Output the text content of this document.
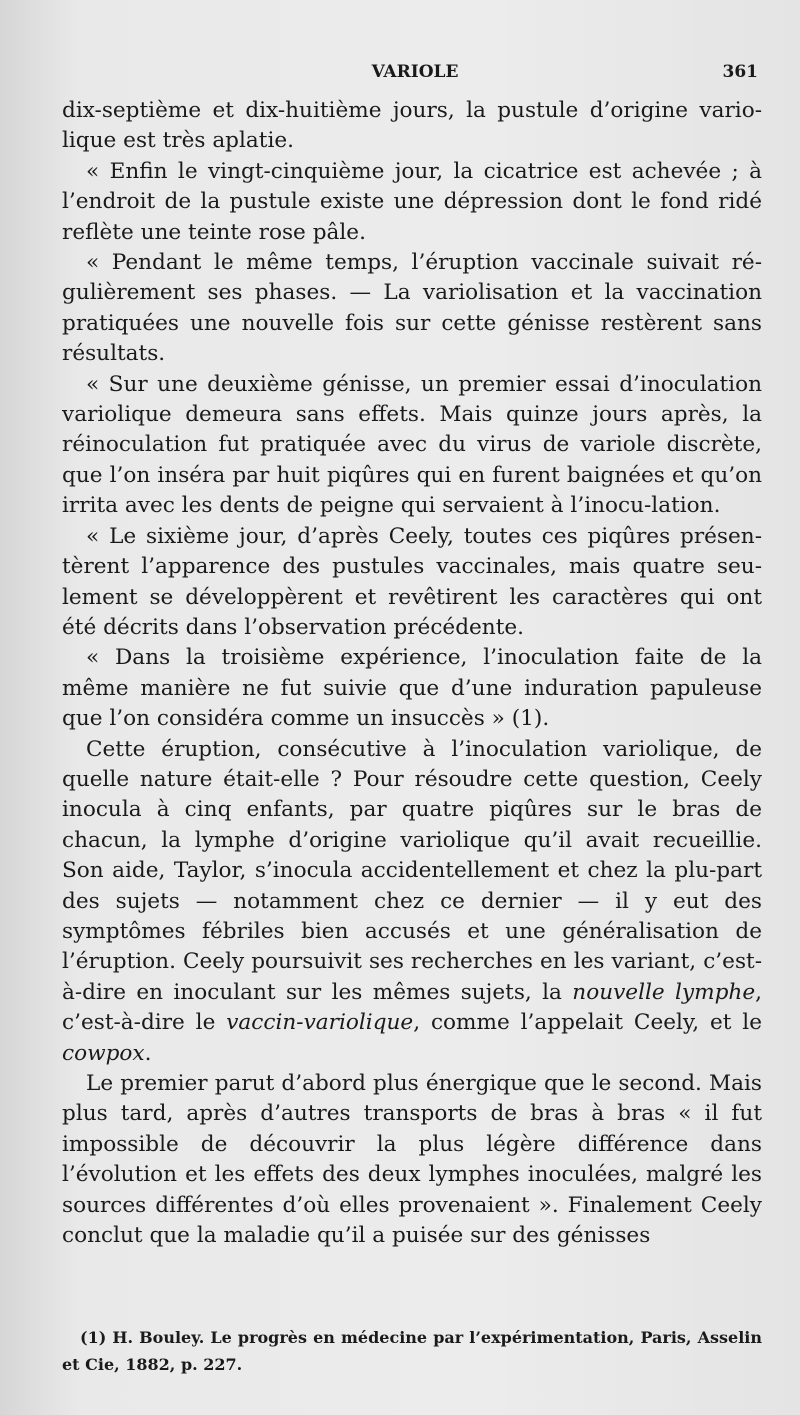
VARIOLE	361

dix-septième et dix-huitième jours, la pustule d’origine vario-lique est très aplatie.

« Enfin le vingt-cinquième jour, la cicatrice est achevée ; à l’endroit de la pustule existe une dépression dont le fond ridé reflète une teinte rose pâle.

« Pendant le même temps, l’éruption vaccinale suivait ré-gulièrement ses phases. — La variolisation et la vaccination pratiquées une nouvelle fois sur cette génisse restèrent sans résultats.

« Sur une deuxième génisse, un premier essai d’inoculation variolique demeura sans effets. Mais quinze jours après, la réinoculation fut pratiquée avec du virus de variole discrète, que l’on inséra par huit piqûres qui en furent baignées et qu’on irrita avec les dents de peigne qui servaient à l’inocu-lation.

« Le sixième jour, d’après Ceely, toutes ces piqûres présen-tèrent l’apparence des pustules vaccinales, mais quatre seu-lement se développèrent et revêtirent les caractères qui ont été décrits dans l’observation précédente.

« Dans la troisième expérience, l’inoculation faite de la même manière ne fut suivie que d’une induration papuleuse que l’on considéra comme un insuccès » (1).

Cette éruption, consécutive à l’inoculation variolique, de quelle nature était-elle ? Pour résoudre cette question, Ceely inocula à cinq enfants, par quatre piqûres sur le bras de chacun, la lymphe d’origine variolique qu’il avait recueillie. Son aide, Taylor, s’inocula accidentellement et chez la plu-part des sujets — notamment chez ce dernier — il y eut des symptômes fébriles bien accusés et une généralisation de l’éruption. Ceely poursuivit ses recherches en les variant, c’est-à-dire en inoculant sur les mêmes sujets, la nouvelle lymphe, c’est-à-dire le vaccin-variolique, comme l’appelait Ceely, et le cowpox.

Le premier parut d’abord plus énergique que le second. Mais plus tard, après d’autres transports de bras à bras « il fut impossible de découvrir la plus légère différence dans l’évolution et les effets des deux lymphes inoculées, malgré les sources différentes d’où elles provenaient ». Finalement Ceely conclut que la maladie qu’il a puisée sur des génisses

(1) H. Bouley. Le progrès en médecine par l’expérimentation, Paris, Asselin et Cie, 1882, p. 227.
